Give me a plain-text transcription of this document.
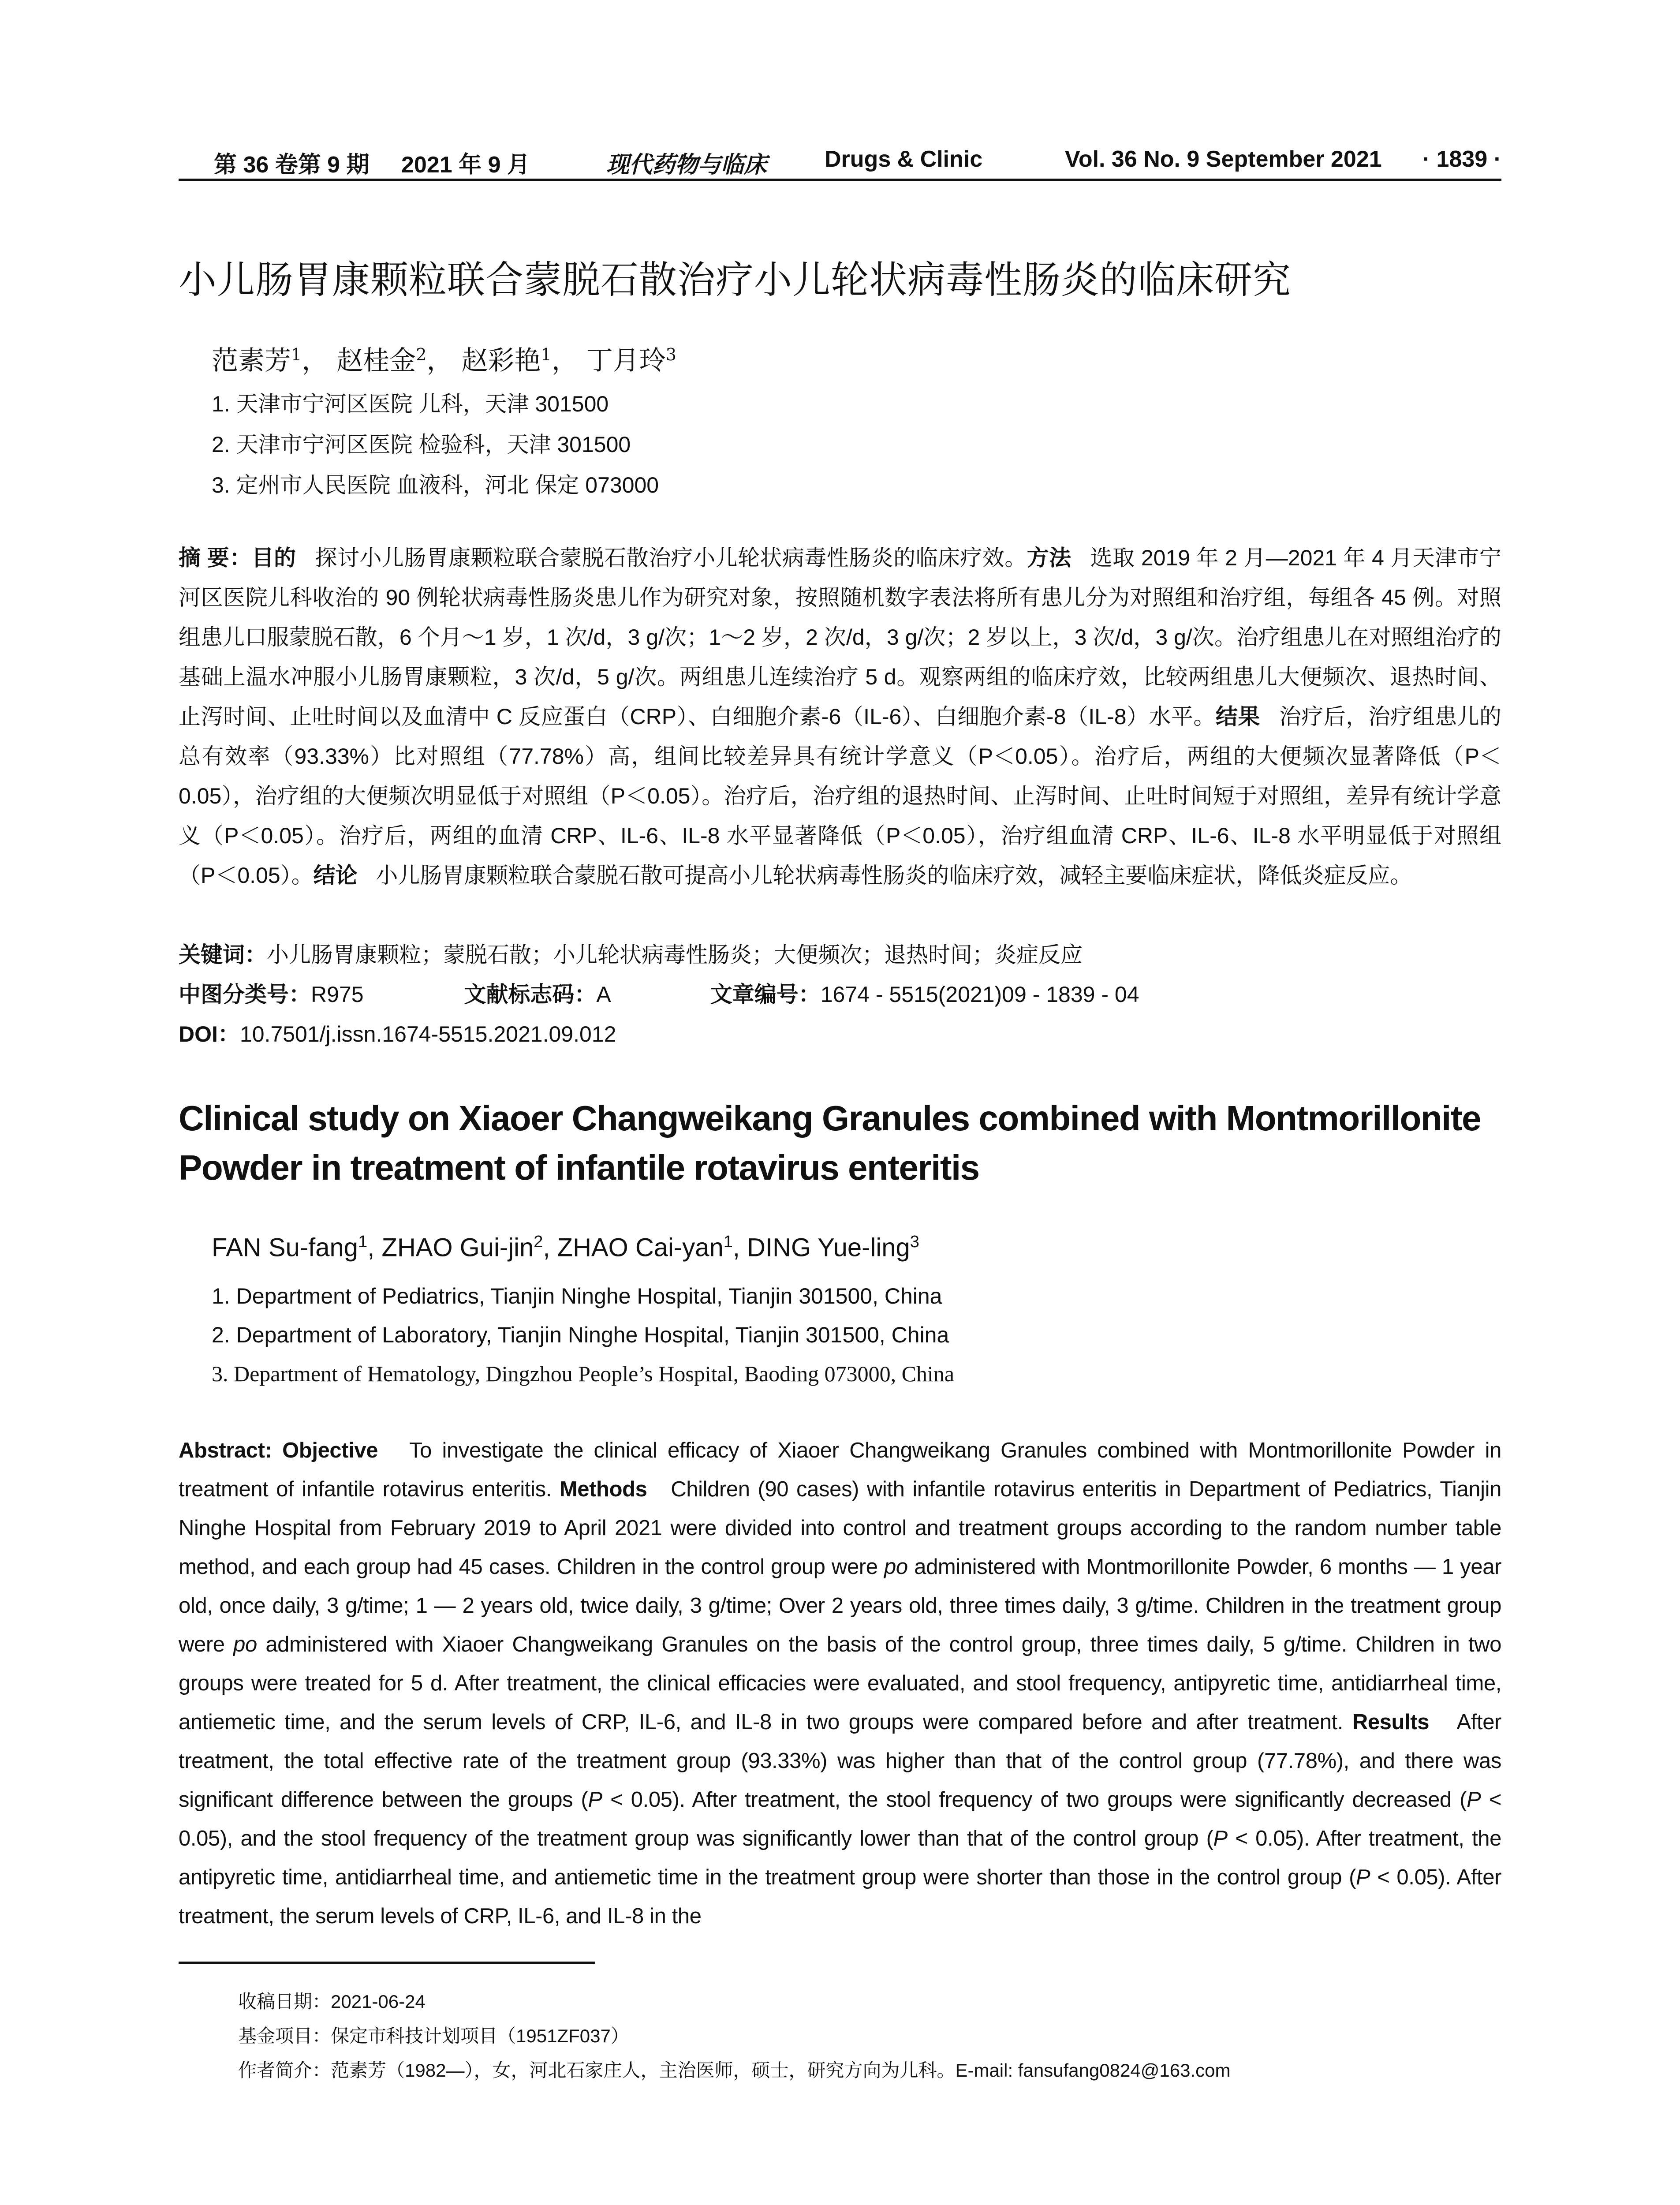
第 36 卷第 9 期 2021 年 9 月	现代药物与临床	Drugs & Clinic	Vol. 36 No. 9 September 2021 · 1839 ·
小儿肠胃康颗粒联合蒙脱石散治疗小儿轮状病毒性肠炎的临床研究
范素芳$^1$， 赵桂金$^2$， 赵彩艳$^1$， 丁月玲$^3$
1. 天津市宁河区医院 儿科，天津 301500
2. 天津市宁河区医院 检验科，天津 301500
3. 定州市人民医院 血液科，河北 保定 073000
摘 要：目的 探讨小儿肠胃康颗粒联合蒙脱石散治疗小儿轮状病毒性肠炎的临床疗效。方法 选取 2019 年 2 月—2021 年 4 月天津市宁河区医院儿科收治的 90 例轮状病毒性肠炎患儿作为研究对象，按照随机数字表法将所有患儿分为对照组和治疗组，每组各 45 例。对照组患儿口服蒙脱石散，6 个月～1 岁，1 次/d，3 g/次；1～2 岁，2 次/d，3 g/次；2 岁以上，3 次/d，3 g/次。治疗组患儿在对照组治疗的基础上温水冲服小儿肠胃康颗粒，3 次/d，5 g/次。两组患儿连续治疗 5 d。观察两组的临床疗效，比较两组患儿大便频次、退热时间、止泻时间、止吐时间以及血清中 C 反应蛋白（CRP）、白细胞介素-6（IL-6）、白细胞介素-8（IL-8）水平。结果 治疗后，治疗组患儿的总有效率（93.33%）比对照组（77.78%）高，组间比较差异具有统计学意义（P＜0.05）。治疗后，两组的大便频次显著降低（P＜0.05），治疗组的大便频次明显低于对照组（P＜0.05）。治疗后，治疗组的退热时间、止泻时间、止吐时间短于对照组，差异有统计学意义（P＜0.05）。治疗后，两组的血清 CRP、IL-6、IL-8 水平显著降低（P＜0.05），治疗组血清 CRP、IL-6、IL-8 水平明显低于对照组（P＜0.05）。结论 小儿肠胃康颗粒联合蒙脱石散可提高小儿轮状病毒性肠炎的临床疗效，减轻主要临床症状，降低炎症反应。
关键词：小儿肠胃康颗粒；蒙脱石散；小儿轮状病毒性肠炎；大便频次；退热时间；炎症反应
中图分类号：R975	文献标志码：A	文章编号：1674 - 5515(2021)09 - 1839 - 04
DOI：10.7501/j.issn.1674-5515.2021.09.012
Clinical study on Xiaoer Changweikang Granules combined with Montmorillonite
Powder in treatment of infantile rotavirus enteritis
FAN Su-fang$^1$, ZHAO Gui-jin$^2$, ZHAO Cai-yan$^1$, DING Yue-ling$^3$
1. Department of Pediatrics, Tianjin Ninghe Hospital, Tianjin 301500, China
2. Department of Laboratory, Tianjin Ninghe Hospital, Tianjin 301500, China
3. Department of Hematology, Dingzhou People’s Hospital, Baoding 073000, China
Abstract: Objective To investigate the clinical efficacy of Xiaoer Changweikang Granules combined with Montmorillonite Powder in treatment of infantile rotavirus enteritis. Methods Children (90 cases) with infantile rotavirus enteritis in Department of Pediatrics, Tianjin Ninghe Hospital from February 2019 to April 2021 were divided into control and treatment groups according to the random number table method, and each group had 45 cases. Children in the control group were po administered with Montmorillonite Powder, 6 months — 1 year old, once daily, 3 g/time; 1 — 2 years old, twice daily, 3 g/time; Over 2 years old, three times daily, 3 g/time. Children in the treatment group were po administered with Xiaoer Changweikang Granules on the basis of the control group, three times daily, 5 g/time. Children in two groups were treated for 5 d. After treatment, the clinical efficacies were evaluated, and stool frequency, antipyretic time, antidiarrheal time, antiemetic time, and the serum levels of CRP, IL-6, and IL-8 in two groups were compared before and after treatment. Results After treatment, the total effective rate of the treatment group (93.33%) was higher than that of the control group (77.78%), and there was significant difference between the groups (P < 0.05). After treatment, the stool frequency of two groups were significantly decreased (P < 0.05), and the stool frequency of the treatment group was significantly lower than that of the control group (P < 0.05). After treatment, the antipyretic time, antidiarrheal time, and antiemetic time in the treatment group were shorter than those in the control group (P < 0.05). After treatment, the serum levels of CRP, IL-6, and IL-8 in the
收稿日期：2021-06-24
基金项目：保定市科技计划项目（1951ZF037）
作者简介：范素芳（1982—），女，河北石家庄人，主治医师，硕士，研究方向为儿科。E-mail: fansufang0824@163.com
